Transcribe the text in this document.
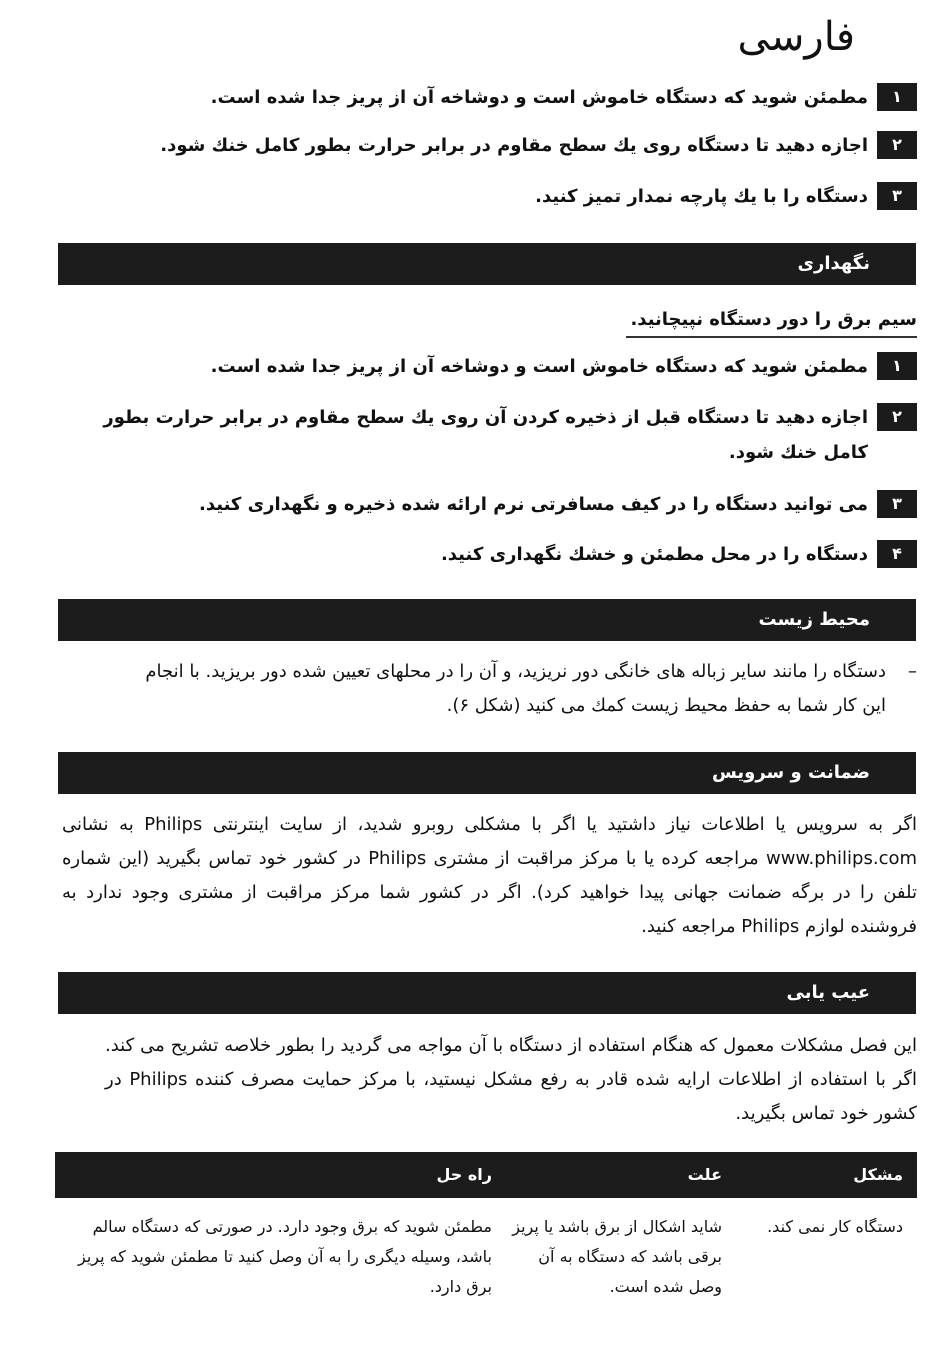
فارسی
۱
مطمئن شوید که دستگاه خاموش است و دوشاخه آن از پریز جدا شده است.
۲
اجازه دهید تا دستگاه روی یك سطح مقاوم در برابر حرارت بطور کامل خنك شود.
۳
دستگاه را با یك پارچه نمدار تمیز کنید.
نگهداری
سیم برق را دور دستگاه نپیچانید.
۱
مطمئن شوید که دستگاه خاموش است و دوشاخه آن از پریز جدا شده است.
۲
اجازه دهید تا دستگاه قبل از ذخیره کردن آن روی یك سطح مقاوم در برابر حرارت بطور کامل خنك شود.
۳
می توانید دستگاه را در کیف مسافرتی نرم ارائه شده ذخیره و نگهداری کنید.
۴
دستگاه را در محل مطمئن و خشك نگهداری کنید.
محیط زیست
–
دستگاه را مانند سایر زباله های خانگی دور نریزید، و آن را در محلهای تعیین شده دور بریزید. با انجام این کار شما به حفظ محیط زیست کمك می کنید (شکل ۶).
ضمانت و سرویس
اگر به سرویس یا اطلاعات نیاز داشتید یا اگر با مشکلی روبرو شدید، از سایت اینترنتی Philips به نشانی www.philips.com مراجعه کرده یا با مرکز مراقبت از مشتری Philips در کشور خود تماس بگیرید (این شماره تلفن را در برگه ضمانت جهانی پیدا خواهید کرد). اگر در کشور شما مرکز مراقبت از مشتری وجود ندارد به فروشنده لوازم Philips مراجعه کنید.
عیب یابی
این فصل مشکلات معمول که هنگام استفاده از دستگاه با آن مواجه می گردید را بطور خلاصه تشریح می کند. اگر با استفاده از اطلاعات ارایه شده قادر به رفع مشکل نیستید، با مرکز حمایت مصرف کننده Philips در کشور خود تماس بگیرید.
مشکل
علت
راه حل
دستگاه کار نمی کند.
شاید اشکال از برق باشد یا پریز برقی باشد که دستگاه به آن وصل شده است.
مطمئن شوید که برق وجود دارد. در صورتی که دستگاه سالم باشد، وسیله دیگری را به آن وصل کنید تا مطمئن شوید که پریز برق دارد.
